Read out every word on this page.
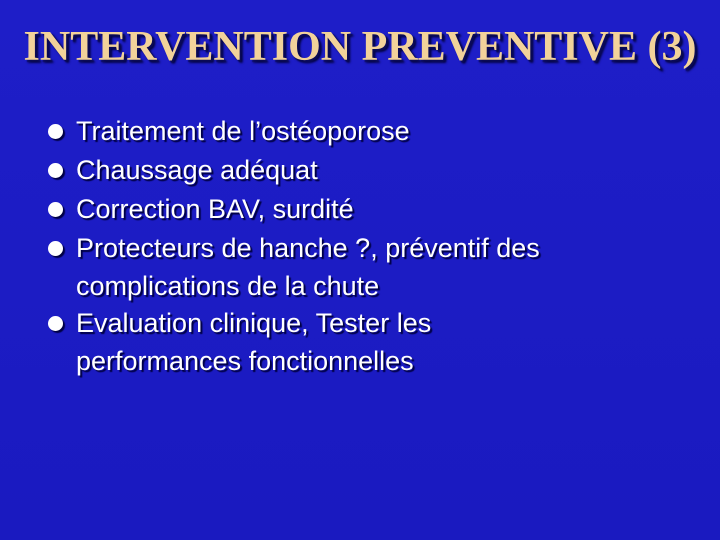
INTERVENTION PREVENTIVE (3)
Traitement de l’ostéoporose
Chaussage adéquat
Correction BAV, surdité
Protecteurs de hanche ?, préventif des
complications de la chute
Evaluation clinique, Tester les
performances fonctionnelles
